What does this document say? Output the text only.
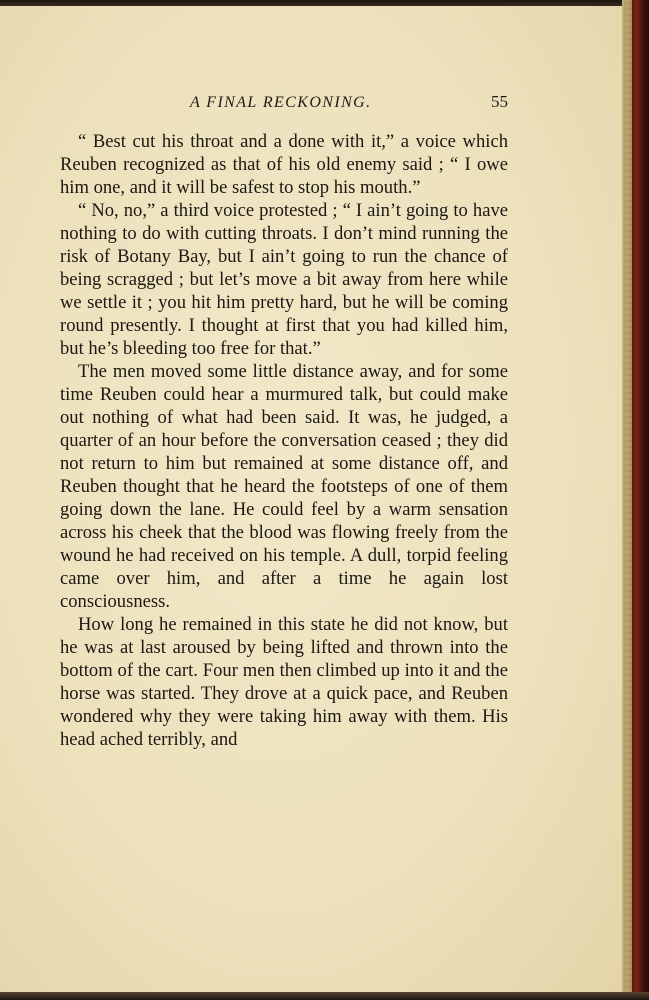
A FINAL RECKONING.	55

“ Best cut his throat and a done with it,” a voice which Reuben recognized as that of his old enemy said ; “ I owe him one, and it will be safest to stop his mouth.”

“ No, no,” a third voice protested ; “ I ain’t going to have nothing to do with cutting throats. I don’t mind running the risk of Botany Bay, but I ain’t going to run the chance of being scragged ; but let’s move a bit away from here while we settle it ; you hit him pretty hard, but he will be coming round presently. I thought at first that you had killed him, but he’s bleeding too free for that.”

The men moved some little distance away, and for some time Reuben could hear a murmured talk, but could make out nothing of what had been said. It was, he judged, a quarter of an hour before the conversation ceased ; they did not return to him but remained at some distance off, and Reuben thought that he heard the footsteps of one of them going down the lane. He could feel by a warm sensation across his cheek that the blood was flowing freely from the wound he had received on his temple. A dull, torpid feeling came over him, and after a time he again lost consciousness.

How long he remained in this state he did not know, but he was at last aroused by being lifted and thrown into the bottom of the cart. Four men then climbed up into it and the horse was started. They drove at a quick pace, and Reuben wondered why they were taking him away with them. His head ached terribly, and
